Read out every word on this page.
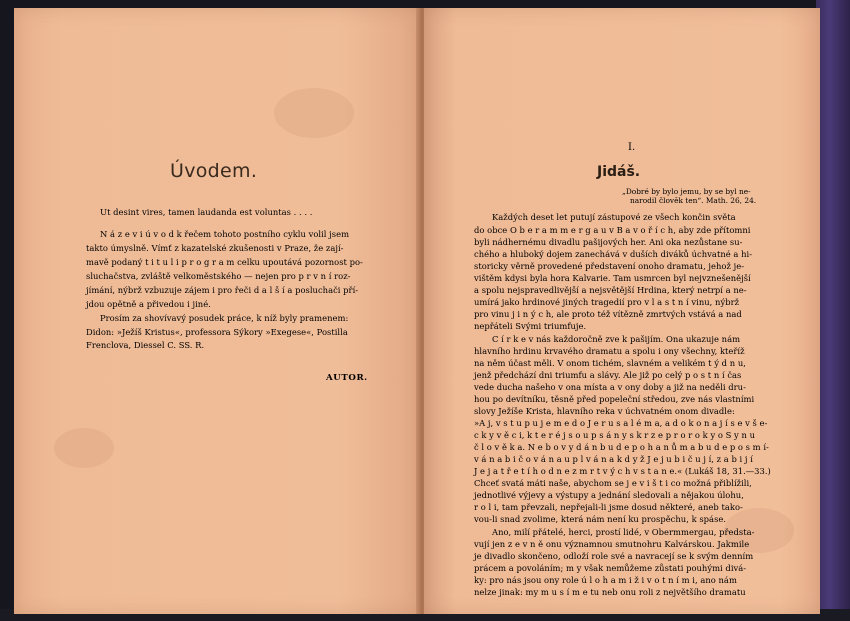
Úvodem.
Ut desint vires, tamen laudanda est voluntas . . . .
N á z e v i ú v o d k řečem tohoto postního cyklu volil jsem
takto úmyslně. Vímť z kazatelské zkušenosti v Praze, že zají-
mavě podaný t i t u l i p r o g r a m celku upoutává pozornost po-
sluchačstva, zvláště velkoměstského — nejen pro p r v n í roz-
jímání, nýbrž vzbuzuje zájem i pro řeči d a l š í a posluchači pří-
jdou opětně a přivedou i jiné.
Prosím za shovívavý posudek práce, k níž byly pramenem:
Didon: »Ježíš Kristus«, professora Sýkory »Exegese«, Postilla
Frenclova, Diessel C. SS. R.
AUTOR.
I.
Jidáš.
„Dobré by bylo jemu, by se byl ne-
narodil člověk ten“. Math. 26, 24.
Každých deset let putují zástupové ze všech končin světa
do obce O b e r a m m e r g a u v B a v o ř í c h, aby zde přítomni
byli nádhernému divadlu pašijových her. Ani oka nezůstane su-
chého a hluboký dojem zanechává v duších diváků úchvatné a hi-
storicky věrně provedené představení onoho dramatu, jehož je-
vištěm kdysi byla hora Kalvarie. Tam usmrcen byl nejvznešenější
a spolu nejspravedlivější a nejsvětější Hrdina, který netrpí a ne-
umírá jako hrdinové jiných tragedií pro v l a s t n í vinu, nýbrž
pro vinu j i n ý c h, ale proto též vítězně zmrtvých vstává a nad
nepřáteli Svými triumfuje.
C í r k e v nás každoročně zve k pašijím. Ona ukazuje nám
hlavního hrdinu krvavého dramatu a spolu i ony všechny, kteříž
na něm účast měli. V onom tichém, slavném a velikém t ý d n u,
jenž předchází dni triumfu a slávy. Ale již po celý p o s t n í čas
vede ducha našeho v ona místa a v ony doby a již na neděli dru-
hou po devítníku, těsně před popeleční středou, zve nás vlastními
slovy Ježíše Krista, hlavního reka v úchvatném onom divadle:
»A j, v s t u p u j e m e d o J e r u s a l é m a, a d o k o n a j í s e v š e-
c k y v ě c i, k t e r é j s o u p s á n y s k r z e p r o r o k y o S y n u
č l o v ě k a. N e b o v y d á n b u d e p o h a n ů m a b u d e p o s m í-
v á n a b i č o v á n a u p l v á n a k d y ž J e j u b i č u j í, z a b i j í
J e j a t ř e t í h o d n e z m r t v ý c h v s t a n e.« (Lukáš 18, 31.—33.)
Chceť svatá máti naše, abychom se j e v i š t i co možná přiblížili,
jednotlivé výjevy a výstupy a jednání sledovali a nějakou úlohu,
r o l i, tam převzali, nepřejali-li jsme dosud některé, aneb tako-
vou-li snad zvolime, která nám není ku prospěchu, k spáse.
Ano, milí přátelé, herci, prostí lidé, v Obermmergau, předsta-
vují jen z e v n ě onu významnou smutnohru Kalvárskou. Jakmile
je divadlo skončeno, odloží role své a navracejí se k svým denním
prácem a povoláním; m y však nemůžeme zůstati pouhými divá-
ky: pro nás jsou ony role ú l o h a m i ž i v o t n í m i, ano nám
nelze jinak: my m u s í m e tu neb onu roli z největšího dramatu
